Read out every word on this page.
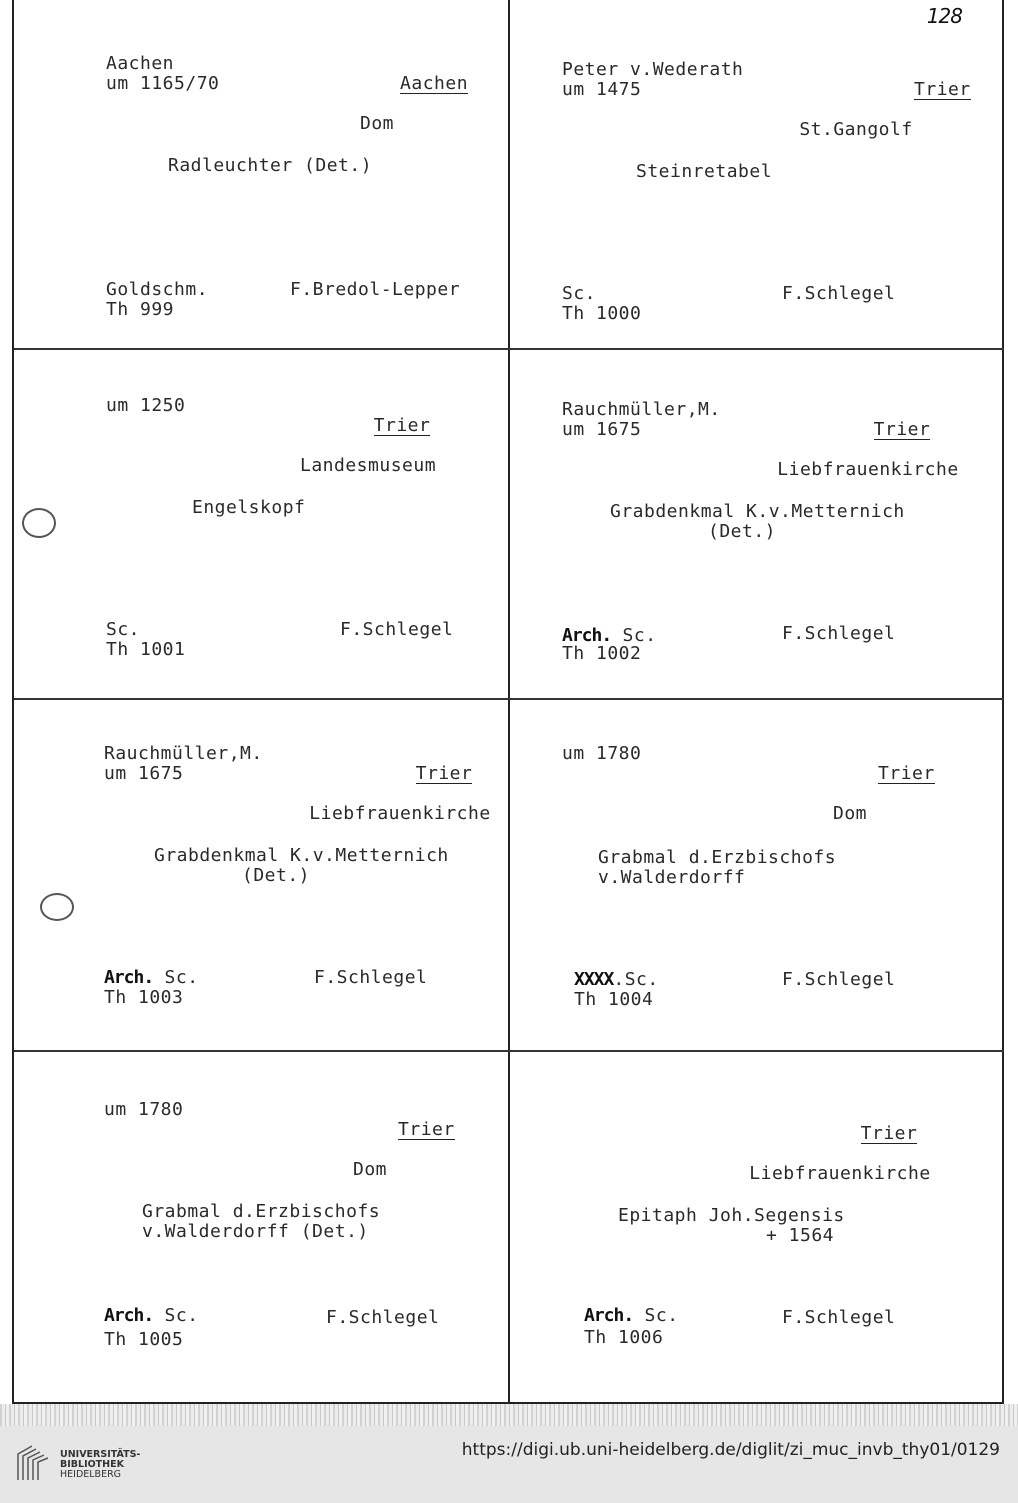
128
Aachen
um 1165/70	Aachen

Dom

Radleuchter (Det.)
Goldschm.
Th 999
F.Bredol-Lepper
Peter v.Wederath
um 1475	Trier

St.Gangolf

Steinretabel
Sc.
Th 1000
F.Schlegel
um 1250

Trier

Landesmuseum

Engelskopf
Sc.
Th 1001
F.Schlegel
Rauchmüller,M.
um 1675	Trier

Liebfrauenkirche

Grabdenkmal K.v.Metternich
(Det.)
Arch. Sc.
Th 1002
F.Schlegel
Rauchmüller,M.
um 1675	Trier

Liebfrauenkirche

Grabdenkmal K.v.Metternich
(Det.)
Arch. Sc.
Th 1003
F.Schlegel
um 1780

Trier

Dom

Grabmal d.Erzbischofs
v.Walderdorff
XXXX.Sc.
Th 1004
F.Schlegel
um 1780

Trier

Dom

Grabmal d.Erzbischofs
v.Walderdorff (Det.)
Arch. Sc.
Th 1005
F.Schlegel

Trier

Liebfrauenkirche

Epitaph Joh.Segensis
+ 1564
Arch. Sc.
Th 1006
F.Schlegel
UNIVERSITÄTS-
BIBLIOTHEK
HEIDELBERG
https://digi.ub.uni-heidelberg.de/diglit/zi_muc_invb_thy01/0129
